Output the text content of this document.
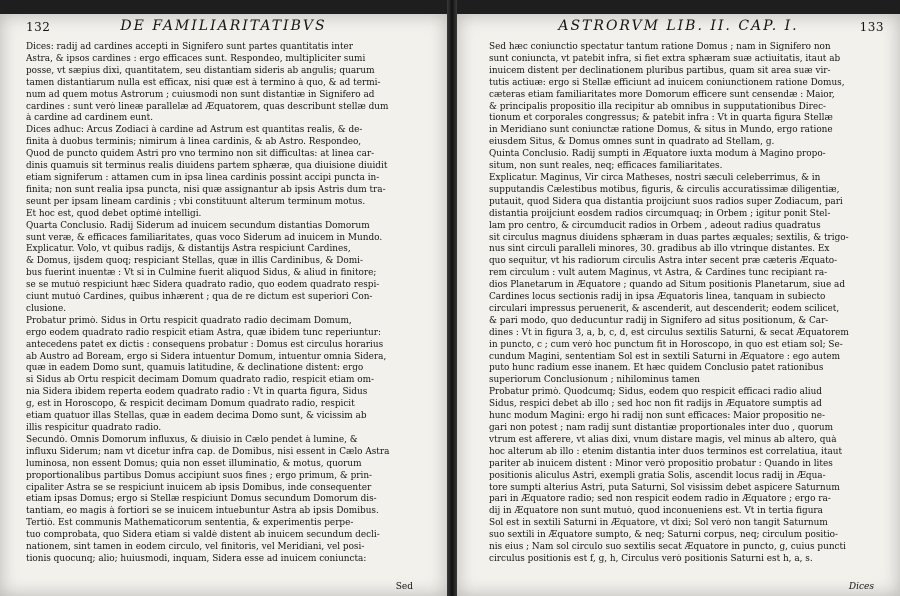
132	DE FAMILIARITATIBVS
Dices: radij ad cardines accepti in Signifero sunt partes quantitatis inter
Astra, & ipsos cardines : ergo efficaces sunt. Respondeo, multipliciter sumi
posse, vt sæpius dixi, quantitatem, seu distantiam sideris ab angulis; quarum
tamen distantiarum nulla est efficax, nisi quæ est à termino à quo, & ad termi-
num ad quem motus Astrorum ; cuiusmodi non sunt distantiæ in Signifero ad
cardines : sunt verò lineæ parallelæ ad Æquatorem, quas describunt stellæ dum
à cardine ad cardinem eunt.
Dices adhuc: Arcus Zodiaci à cardine ad Astrum est quantitas realis, & de-
finita à duobus terminis; nimirum à linea cardinis, & ab Astro. Respondeo,
Quod de puncto quidem Astri pro vno termino non sit difficultas: at linea car-
dinis quamuis sit terminus realis diuidens partem sphæræ, qua diuisione diuidit
etiam signiferum : attamen cum in ipsa linea cardinis possint accipi puncta in-
finita; non sunt realia ipsa puncta, nisi quæ assignantur ab ipsis Astris dum tra-
seunt per ipsam lineam cardinis ; vbi constituunt alterum terminum motus.
Et hoc est, quod debet optimè intelligi.
Quarta Conclusio. Radij Siderum ad inuicem secundum distantias Domorum
sunt veræ, & efficaces familiaritates, quas voco Siderum ad inuicem in Mundo.
Explicatur. Volo, vt quibus radijs, & distantijs Astra respiciunt Cardines,
& Domus, ijsdem quoq; respiciant Stellas, quæ in illis Cardinibus, & Domi-
bus fuerint inuentæ : Vt si in Culmine fuerit aliquod Sidus, & aliud in finitore;
se se mutuò respiciunt hæc Sidera quadrato radio, quo eodem quadrato respi-
ciunt mutuò Cardines, quibus inhærent ; qua de re dictum est superiori Con-
clusione.
Probatur primò. Sidus in Ortu respicit quadrato radio decimam Domum,
ergo eodem quadrato radio respicit etiam Astra, quæ ibidem tunc reperiuntur:
antecedens patet ex dictis : consequens probatur : Domus est circulus horarius
ab Austro ad Boream, ergo si Sidera intuentur Domum, intuentur omnia Sidera,
quæ in eadem Domo sunt, quamuis latitudine, & declinatione distent: ergo
si Sidus ab Ortu respicit decimam Domum quadrato radio, respicit etiam om-
nia Sidera ibidem reperta eodem quadrato radio : Vt in quarta figura, Sidus
g, est in Horoscopo, & respicit decimam Domum quadrato radio, respicit
etiam quatuor illas Stellas, quæ in eadem decima Domo sunt, & vicissim ab
illis respicitur quadrato radio.
Secundò. Omnis Domorum influxus, & diuisio in Cælo pendet à lumine, &
influxu Siderum; nam vt dicetur infra cap. de Domibus, nisi essent in Cælo Astra
luminosa, non essent Domus; quia non esset illuminatio, & motus, quorum
proportionalibus partibus Domus accipiunt suos fines ; ergo primum, & prin-
cipaliter Astra se se respiciunt inuicem ab ipsis Domibus, inde consequenter
etiam ipsas Domus; ergo si Stellæ respiciunt Domus secundum Domorum dis-
tantiam, eo magis à fortiori se se inuicem intuebuntur Astra ab ipsis Domibus.
Tertiò. Est communis Mathematicorum sententia, & experimentis perpe-
tuo comprobata, quo Sidera etiam si valdè distent ab inuicem secundum decli-
nationem, sint tamen in eodem circulo, vel finitoris, vel Meridiani, vel posi-
tionis quocunq; alio; huiusmodi, inquam, Sidera esse ad inuicem coniuncta:
Sed
ASTRORVM LIB. II. CAP. I.	133
Sed hæc coniunctio spectatur tantum ratione Domus ; nam in Signifero non
sunt coniuncta, vt patebit infra, si fiet extra sphæram suæ actiuitatis, itaut ab
inuicem distent per declinationem pluribus partibus, quam sit area suæ vir-
tutis actiuæ: ergo si Stellæ efficiunt ad inuicem coniunctionem ratione Domus,
cæteras etiam familiaritates more Domorum efficere sunt censendæ : Maior,
& principalis propositio illa recipitur ab omnibus in supputationibus Direc-
tionum et corporales congressus; & patebit infra : Vt in quarta figura Stellæ
in Meridiano sunt coniunctæ ratione Domus, & situs in Mundo, ergo ratione
eiusdem Situs, & Domus omnes sunt in quadrato ad Stellam, g.
Quinta Conclusio. Radij sumpti in Æquatore iuxta modum à Magino propo-
situm, non sunt reales, neq; efficaces familiaritates.
Explicatur. Maginus, Vir circa Matheses, nostri sæculi celeberrimus, & in
supputandis Cælestibus motibus, figuris, & circulis accuratissimæ diligentiæ,
putauit, quod Sidera qua distantia proijciunt suos radios super Zodiacum, pari
distantia proijciunt eosdem radios circumquaq; in Orbem ; igitur ponit Stel-
lam pro centro, & circumducit radios in Orbem , adeout radius quadratus
sit circulus magnus diuidens sphæram in duas partes æquales; sextilis, & trigo-
nus sint circuli paralleli minores, 30. gradibus ab illo vtrinque distantes. Ex
quo sequitur, vt his radiorum circulis Astra inter secent præ cæteris Æquato-
rem circulum : vult autem Maginus, vt Astra, & Cardines tunc recipiant ra-
dios Planetarum in Æquatore ; quando ad Situm positionis Planetarum, siue ad
Cardines locus sectionis radij in ipsa Æquatoris linea, tanquam in subiecto
circulari impressus peruenerit, & ascenderit, aut descenderit; eodem scilicet,
& pari modo, quo deducuntur radij in Signifero ad situs positionum, & Car-
dines : Vt in figura 3, a, b, c, d, est circulus sextilis Saturni, & secat Æquatorem
in puncto, c ; cum verò hoc punctum fit in Horoscopo, in quo est etiam sol; Se-
cundum Magini, sententiam Sol est in sextili Saturni in Æquatore : ego autem
puto hunc radium esse inanem. Et hæc quidem Conclusio patet rationibus
superiorum Conclusionum ; nihilominus tamen
Probatur primò. Quodcumq; Sidus, eodem quo respicit efficaci radio aliud
Sidus, respici debet ab illo ; sed hoc non fit radijs in Æquatore sumptis ad
hunc modum Magini: ergo hi radij non sunt efficaces: Maior propositio ne-
gari non potest ; nam radij sunt distantiæ proportionales inter duo , quorum
vtrum est afferere, vt alias dixi, vnum distare magis, vel minus ab altero, quà
hoc alterum ab illo : etenim distantia inter duos terminos est correlatiua, itaut
pariter ab inuicem distent : Minor verò propositio probatur : Quando in lites
positionis aliculus Astri, exempli gratia Solis, ascendit locus radij in Æqua-
tore sumpti alterius Astri, puta Saturni, Sol visissim debet aspicere Saturnum
pari in Æquatore radio; sed non respicit eodem radio in Æquatore ; ergo ra-
dij in Æquatore non sunt mutuò, quod inconueniens est. Vt in tertia figura
Sol est in sextili Saturni in Æquatore, vt dixi; Sol verò non tangit Saturnum
suo sextili in Æquatore sumpto, & neq; Saturni corpus, neq; circulum positio-
nis eius ; Nam sol circulo suo sextilis secat Æquatore in puncto, g, cuius puncti
circulus positionis est f, g, h, Circulus verò positionis Saturni est h, a, s.
Dices
